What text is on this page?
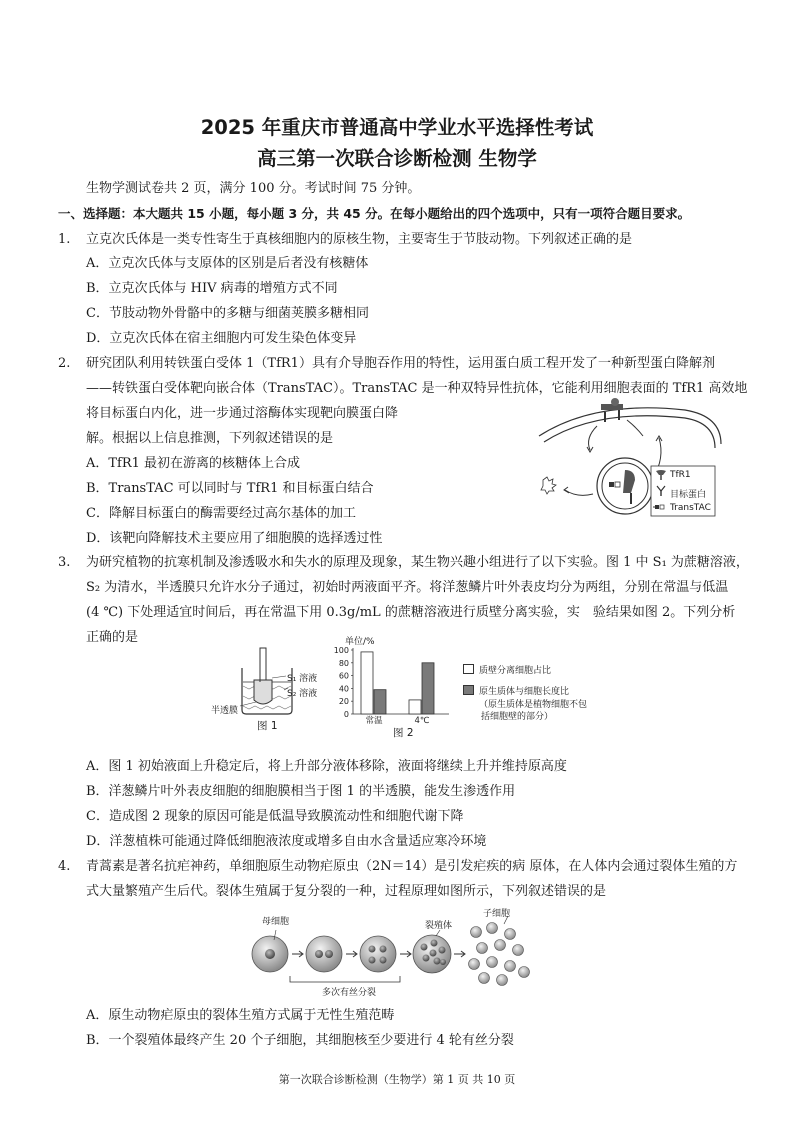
2025 年重庆市普通高中学业水平选择性考试
高三第一次联合诊断检测 生物学
生物学测试卷共 2 页，满分 100 分。考试时间 75 分钟。
一、选择题：本大题共 15 小题，每小题 3 分，共 45 分。在每小题给出的四个选项中，只有一项符合题目要求。
1. 立克次氏体是一类专性寄生于真核细胞内的原核生物，主要寄生于节肢动物。下列叙述正确的是
A．立克次氏体与支原体的区别是后者没有核糖体
B．立克次氏体与 HIV 病毒的增殖方式不同
C．节肢动物外骨骼中的多糖与细菌荚膜多糖相同
D．立克次氏体在宿主细胞内可发生染色体变异
2. 研究团队利用转铁蛋白受体 1（TfR1）具有介导胞吞作用的特性，运用蛋白质工程开发了一种新型蛋白降解剂
——转铁蛋白受体靶向嵌合体（TransTAC）。TransTAC 是一种双特异性抗体，它能利用细胞表面的 TfR1 高效地
将目标蛋白内化，进一步通过溶酶体实现靶向膜蛋白降
解。根据以上信息推测，下列叙述错误的是
A．TfR1 最初在游离的核糖体上合成
B．TransTAC 可以同时与 TfR1 和目标蛋白结合
C．降解目标蛋白的酶需要经过高尔基体的加工
D．该靶向降解技术主要应用了细胞膜的选择透过性
TfR1
目标蛋白
TransTAC
3. 为研究植物的抗寒机制及渗透吸水和失水的原理及现象，某生物兴趣小组进行了以下实验。图 1 中 S₁ 为蔗糖溶液，
S₂ 为清水，半透膜只允许水分子通过，初始时两液面平齐。将洋葱鳞片叶外表皮均分为两组，分别在常温与低温
(4 ℃) 下处理适宜时间后，再在常温下用 0.3g/mL 的蔗糖溶液进行质壁分离实验，实　验结果如图 2。下列分析
正确的是
S₁ 溶液
S₂ 溶液
半透膜
图 1
单位/%
100
80
60
40
20
0
常温	4℃
图 2
质壁分离细胞占比
原生质体与细胞长度比
（原生质体是植物细胞不包
括细胞壁的部分）
A．图 1 初始液面上升稳定后，将上升部分液体移除，液面将继续上升并维持原高度
B．洋葱鳞片叶外表皮细胞的细胞膜相当于图 1 的半透膜，能发生渗透作用
C．造成图 2 现象的原因可能是低温导致膜流动性和细胞代谢下降
D．洋葱植株可能通过降低细胞液浓度或增多自由水含量适应寒冷环境
4. 青蒿素是著名抗疟神药，单细胞原生动物疟原虫（2N＝14）是引发疟疾的病 原体，在人体内会通过裂体生殖的方
式大量繁殖产生后代。裂体生殖属于复分裂的一种，过程原理如图所示，下列叙述错误的是
母细胞	裂殖体
子细胞
多次有丝分裂
A．原生动物疟原虫的裂体生殖方式属于无性生殖范畴
B．一个裂殖体最终产生 20 个子细胞，其细胞核至少要进行 4 轮有丝分裂
第一次联合诊断检测（生物学）第 1 页 共 10 页
